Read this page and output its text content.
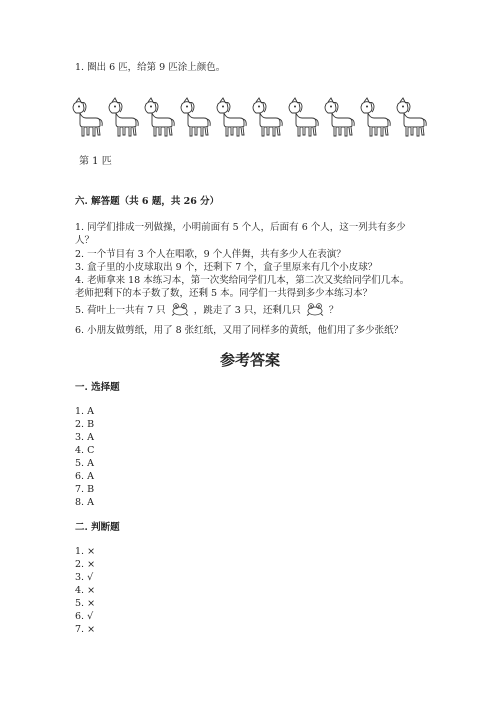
1. 圈出 6 匹，给第 9 匹涂上颜色。
第 1 匹
六. 解答题（共 6 题，共 26 分）
1. 同学们排成一列做操，小明前面有 5 个人，后面有 6 个人，这一列共有多少
人？
2. 一个节目有 3 个人在唱歌，9 个人伴舞，共有多少人在表演？
3. 盒子里的小皮球取出 9 个，还剩下 7 个，盒子里原来有几个小皮球？
4. 老师拿来 18 本练习本，第一次奖给同学们几本，第二次又奖给同学们几本。
老师把剩下的本子数了数，还剩 5 本。同学们一共得到多少本练习本？
5. 荷叶上一共有 7 只	，跳走了 3 只，还剩几只	？
6. 小朋友做剪纸，用了 8 张红纸，又用了同样多的黄纸，他们用了多少张纸？
参考答案
一. 选择题
1. A
2. B
3. A
4. C
5. A
6. A
7. B
8. A
二. 判断题
1. ×
2. ×
3. √
4. ×
5. ×
6. √
7. ×
